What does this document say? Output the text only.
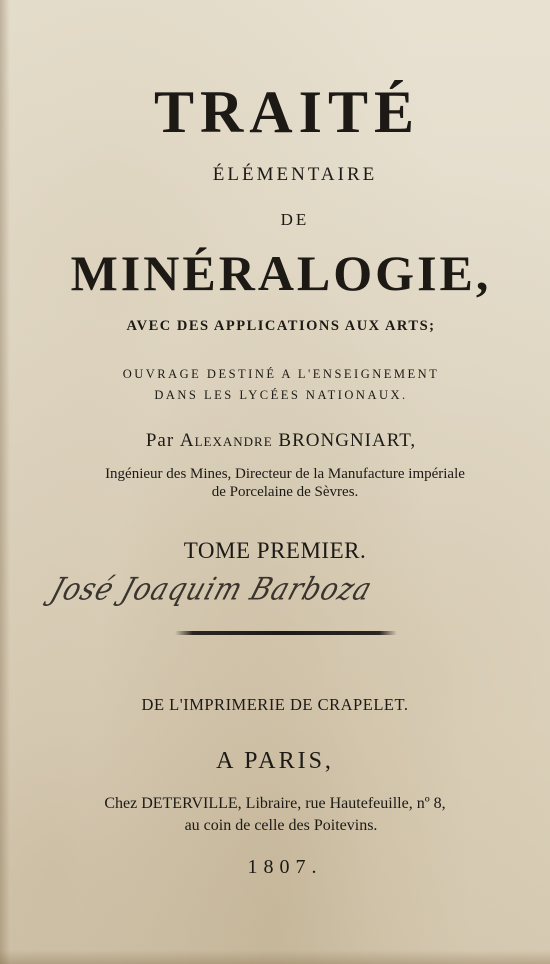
TRAITÉ
ÉLÉMENTAIRE
DE
MINÉRALOGIE,
AVEC DES APPLICATIONS AUX ARTS;
OUVRAGE DESTINÉ A L'ENSEIGNEMENT
DANS LES LYCÉES NATIONAUX.
Par Alexandre BRONGNIART,
Ingénieur des Mines, Directeur de la Manufacture impériale
de Porcelaine de Sèvres.
TOME PREMIER.
José Joaquim Barboza
DE L'IMPRIMERIE DE CRAPELET.
A PARIS,
Chez DETERVILLE, Libraire, rue Hautefeuille, nº 8,
au coin de celle des Poitevins.
1807.
